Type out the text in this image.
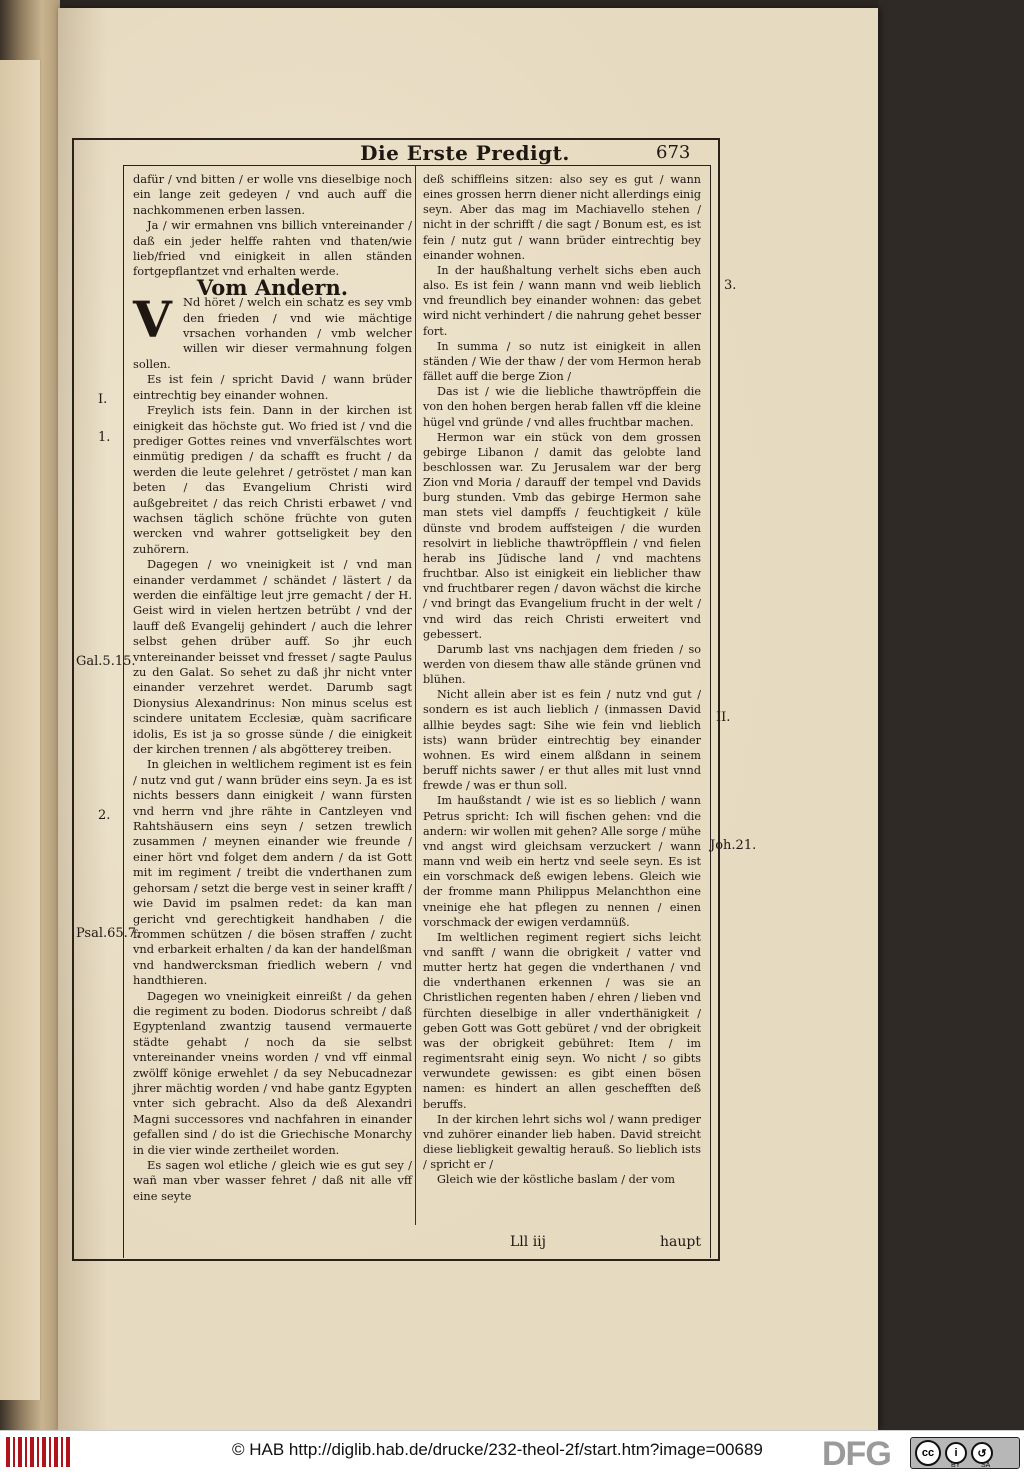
Die Erste Predigt.	673

dafür / vnd bitten / er wolle vns dieselbige noch ein lange zeit gedeyen / vnd auch auff die nachkommenen erben lassen.

Ja / wir ermahnen vns billich vntereinander / daß ein jeder helffe rahten vnd thaten/wie lieb/fried vnd einigkeit in allen ständen fortgepflantzet vnd erhalten werde.

Vom Andern.

V Nd höret / welch ein schatz es sey vmb den frieden / vnd wie mächtige vrsachen vorhanden / vmb welcher willen wir dieser vermahnung folgen sollen.

Es ist fein / spricht David / wann brüder eintrechtig bey einander wohnen.

Freylich ists fein. Dann in der kirchen ist einigkeit das höchste gut. Wo fried ist / vnd die prediger Gottes reines vnd vnverfälschtes wort einmütig predigen / da schafft es frucht / da werden die leute gelehret / getröstet / man kan beten / das Evangelium Christi wird außgebreitet / das reich Christi erbawet / vnd wachsen täglich schöne früchte von guten wercken vnd wahrer gottseligkeit bey den zuhörern.

Dagegen / wo vneinigkeit ist / vnd man einander verdammet / schändet / lästert / da werden die einfältige leut jrre gemacht / der H. Geist wird in vielen hertzen betrübt / vnd der lauff deß Evangelij gehindert / auch die lehrer selbst gehen drüber auff. So jhr euch vntereinander beisset vnd fresset / sagte Paulus zu den Galat. So sehet zu daß jhr nicht vnter einander verzehret werdet. Darumb sagt Dionysius Alexandrinus: Non minus scelus est scindere unitatem Ecclesiæ, quàm sacrificare idolis, Es ist ja so grosse sünde / die einigkeit der kirchen trennen / als abgötterey treiben.

In gleichen in weltlichem regiment ist es fein / nutz vnd gut / wann brüder eins seyn. Ja es ist nichts bessers dann einigkeit / wann fürsten vnd herrn vnd jhre rähte in Cantzleyen vnd Rahtshäusern eins seyn / setzen trewlich zusammen / meynen einander wie freunde / einer hört vnd folget dem andern / da ist Gott mit im regiment / treibt die vnderthanen zum gehorsam / setzt die berge vest in seiner krafft / wie David im psalmen redet: da kan man gericht vnd gerechtigkeit handhaben / die frommen schützen / die bösen straffen / zucht vnd erbarkeit erhalten / da kan der handelßman vnd handwercksman friedlich webern / vnd handthieren.

Dagegen wo vneinigkeit einreißt / da gehen die regiment zu boden. Diodorus schreibt / daß Egyptenland zwantzig tausend vermauerte städte gehabt / noch da sie selbst vntereinander vneins worden / vnd vff einmal zwölff könige erwehlet / da sey Nebucadnezar jhrer mächtig worden / vnd habe gantz Egypten vnter sich gebracht. Also da deß Alexandri Magni successores vnd nachfahren in einander gefallen sind / do ist die Griechische Monarchy in die vier winde zertheilet worden.

Es sagen wol etliche / gleich wie es gut sey / wañ man vber wasser fehret / daß nit alle vff eine seyte

deß schiffleins sitzen: also sey es gut / wann eines grossen herrn diener nicht allerdings einig seyn. Aber das mag im Machiavello stehen / nicht in der schrifft / die sagt / Bonum est, es ist fein / nutz gut / wann brüder eintrechtig bey einander wohnen.

In der haußhaltung verhelt sichs eben auch also. Es ist fein / wann mann vnd weib lieblich vnd freundlich bey einander wohnen: das gebet wird nicht verhindert / die nahrung gehet besser fort.

In summa / so nutz ist einigkeit in allen ständen / Wie der thaw / der vom Hermon herab fället auff die berge Zion /

Das ist / wie die liebliche thawtröpffein die von den hohen bergen herab fallen vff die kleine hügel vnd gründe / vnd alles fruchtbar machen.

Hermon war ein stück von dem grossen gebirge Libanon / damit das gelobte land beschlossen war. Zu Jerusalem war der berg Zion vnd Moria / darauff der tempel vnd Davids burg stunden. Vmb das gebirge Hermon sahe man stets viel dampffs / feuchtigkeit / küle dünste vnd brodem auffsteigen / die wurden resolvirt in liebliche thawtröpfflein / vnd fielen herab ins Jüdische land / vnd machtens fruchtbar. Also ist einigkeit ein lieblicher thaw vnd fruchtbarer regen / davon wächst die kirche / vnd bringt das Evangelium frucht in der welt / vnd wird das reich Christi erweitert vnd gebessert.

Darumb last vns nachjagen dem frieden / so werden von diesem thaw alle stände grünen vnd blühen.

Nicht allein aber ist es fein / nutz vnd gut / sondern es ist auch lieblich / (inmassen David allhie beydes sagt: Sihe wie fein vnd lieblich ists) wann brüder eintrechtig bey einander wohnen. Es wird einem alßdann in seinem beruff nichts sawer / er thut alles mit lust vnnd frewde / was er thun soll.

Im haußstandt / wie ist es so lieblich / wann Petrus spricht: Ich will fischen gehen: vnd die andern: wir wollen mit gehen? Alle sorge / mühe vnd angst wird gleichsam verzuckert / wann mann vnd weib ein hertz vnd seele seyn. Es ist ein vorschmack deß ewigen lebens. Gleich wie der fromme mann Philippus Melanchthon eine vneinige ehe hat pflegen zu nennen / einen vorschmack der ewigen verdamnüß.

Im weltlichen regiment regiert sichs leicht vnd sanfft / wann die obrigkeit / vatter vnd mutter hertz hat gegen die vnderthanen / vnd die vnderthanen erkennen / was sie an Christlichen regenten haben / ehren / lieben vnd fürchten dieselbige in aller vnderthänigkeit / geben Gott was Gott gebüret / vnd der obrigkeit was der obrigkeit gebühret: Item / im regimentsraht einig seyn. Wo nicht / so gibts verwundete gewissen: es gibt einen bösen namen: es hindert an allen geschefften deß beruffs.

In der kirchen lehrt sichs wol / wann prediger vnd zuhörer einander lieb haben. David streicht diese liebligkeit gewaltig herauß. So lieblich ists / spricht er /

Gleich wie der köstliche baslam / der vom

I.
1.
Gal.5.15.
2.
Psal.65.7.
3.
II.
Joh.21.
Lll iij	haupt
© HAB http://diglib.hab.de/drucke/232-theol-2f/start.htm?image=00689 DFG	cc	i	↺
BY	SA
